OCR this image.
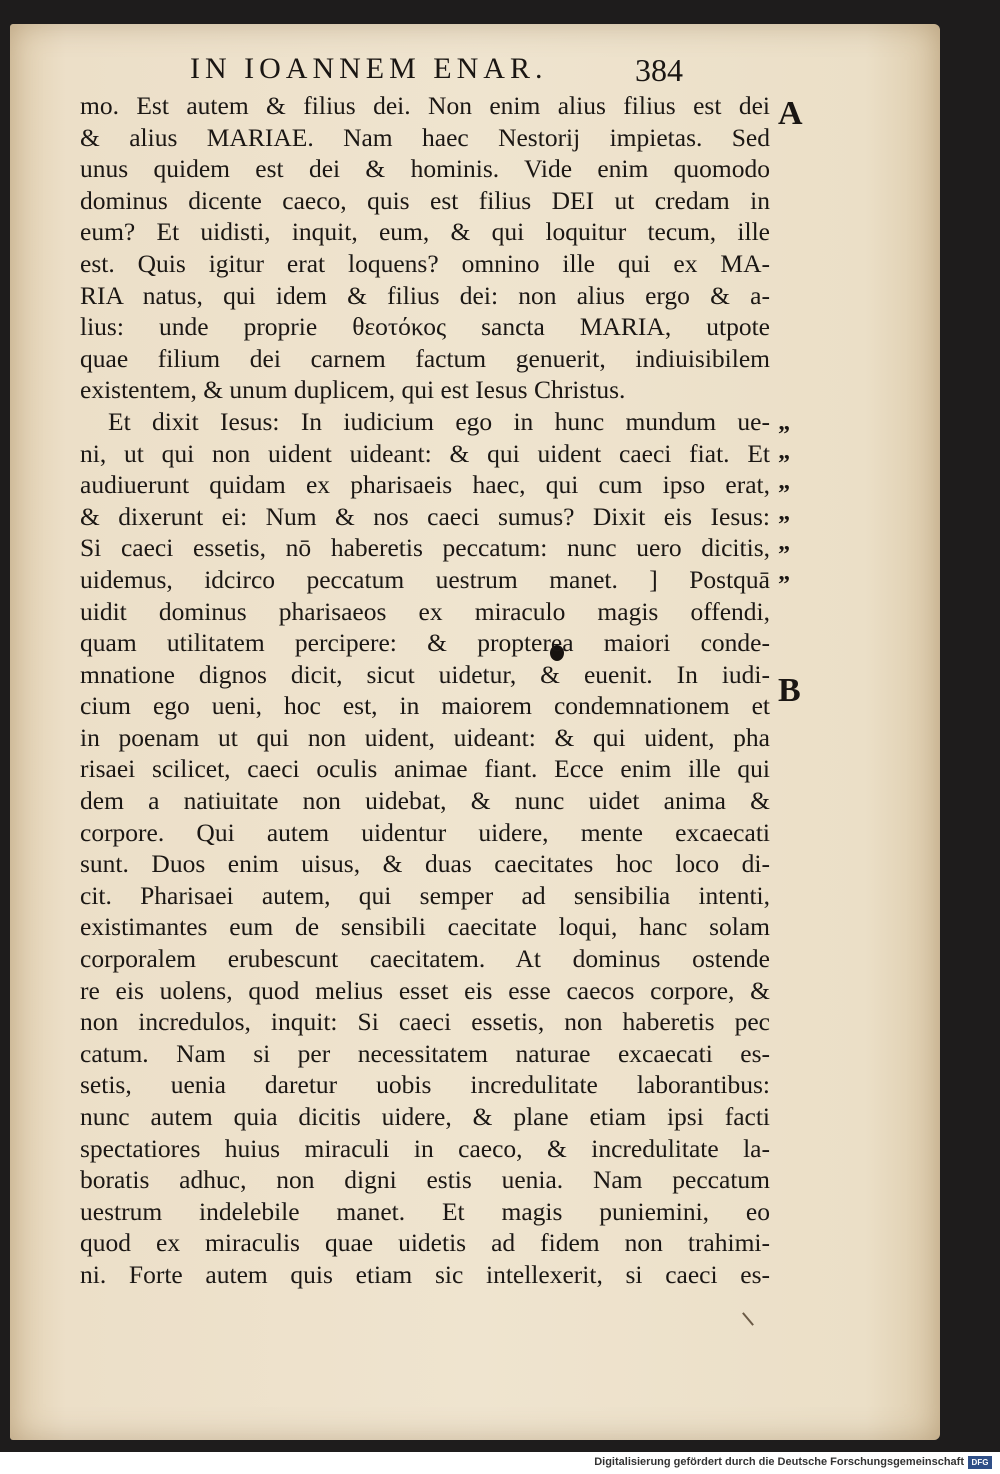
IN IOANNEM ENAR.	384
A
B
”
”
”
”
”
”
mo. Est autem & filius dei. Non enim alius filius est dei
& alius MARIAE. Nam haec Nestorij impietas. Sed
unus quidem est dei & hominis. Vide enim quomodo
dominus dicente caeco, quis est filius DEI ut credam in
eum? Et uidisti, inquit, eum, & qui loquitur tecum, ille
est. Quis igitur erat loquens? omnino ille qui ex MA-
RIA natus, qui idem & filius dei: non alius ergo & a-
lius: unde proprie θεοτόκος sancta MARIA, utpote
quae filium dei carnem factum genuerit, indiuisibilem
existentem, & unum duplicem, qui est Iesus Christus.
Et dixit Iesus: In iudicium ego in hunc mundum ue-
ni, ut qui non uident uideant: & qui uident caeci fiat. Et
audiuerunt quidam ex pharisaeis haec, qui cum ipso erat,
& dixerunt ei: Num & nos caeci sumus? Dixit eis Iesus:
Si caeci essetis, nō haberetis peccatum: nunc uero dicitis,
uidemus, idcirco peccatum uestrum manet. ] Postquā
uidit dominus pharisaeos ex miraculo magis offendi,
quam utilitatem percipere: & propterea maiori conde-
mnatione dignos dicit, sicut uidetur, & euenit. In iudi-
cium ego ueni, hoc est, in maiorem condemnationem et
in poenam ut qui non uident, uideant: & qui uident, pha
risaei scilicet, caeci oculis animae fiant. Ecce enim ille qui
dem a natiuitate non uidebat, & nunc uidet anima &
corpore. Qui autem uidentur uidere, mente excaecati
sunt. Duos enim uisus, & duas caecitates hoc loco di-
cit. Pharisaei autem, qui semper ad sensibilia intenti,
existimantes eum de sensibili caecitate loqui, hanc solam
corporalem erubescunt caecitatem. At dominus ostende
re eis uolens, quod melius esset eis esse caecos corpore, &
non incredulos, inquit: Si caeci essetis, non haberetis pec
catum. Nam si per necessitatem naturae excaecati es-
setis, uenia daretur uobis incredulitate laborantibus:
nunc autem quia dicitis uidere, & plane etiam ipsi facti
spectatiores huius miraculi in caeco, & incredulitate la-
boratis adhuc, non digni estis uenia. Nam peccatum
uestrum indelebile manet. Et magis puniemini, eo
quod ex miraculis quae uidetis ad fidem non trahimi-
ni. Forte autem quis etiam sic intellexerit, si caeci es-
Digitalisierung gefördert durch die Deutsche Forschungsgemeinschaft DFG
